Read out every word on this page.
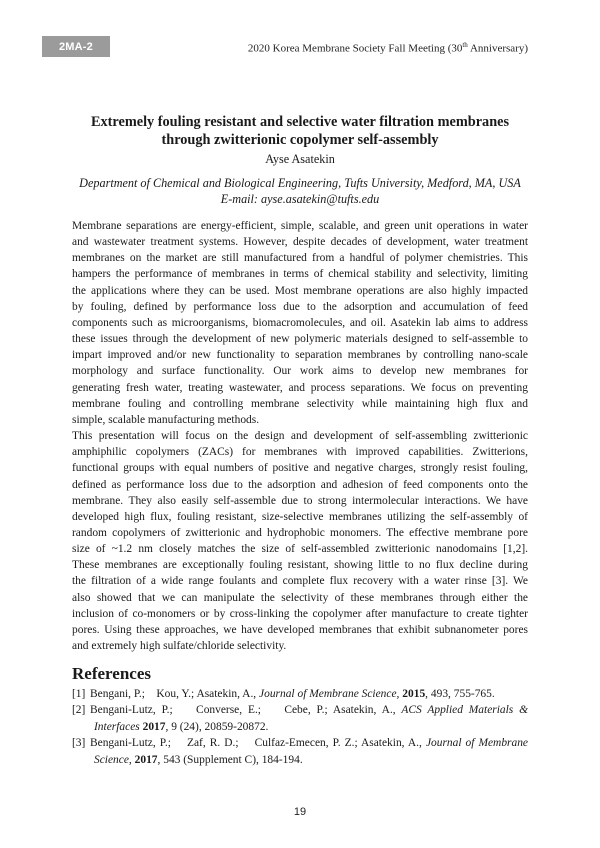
2MA-2	2020 Korea Membrane Society Fall Meeting (30th Anniversary)
Extremely fouling resistant and selective water filtration membranes
through zwitterionic copolymer self-assembly
Ayse Asatekin
Department of Chemical and Biological Engineering, Tufts University, Medford, MA, USA
E-mail: ayse.asatekin@tufts.edu

Membrane separations are energy-efficient, simple, scalable, and green unit operations in water
and wastewater treatment systems. However, despite decades of development, water treatment
membranes on the market are still manufactured from a handful of polymer chemistries. This
hampers the performance of membranes in terms of chemical stability and selectivity, limiting
the applications where they can be used. Most membrane operations are also highly impacted
by fouling, defined by performance loss due to the adsorption and accumulation of feed
components such as microorganisms, biomacromolecules, and oil. Asatekin lab aims to address
these issues through the development of new polymeric materials designed to self-assemble to
impart improved and/or new functionality to separation membranes by controlling nano-scale
morphology and surface functionality. Our work aims to develop new membranes for
generating fresh water, treating wastewater, and process separations. We focus on preventing
membrane fouling and controlling membrane selectivity while maintaining high flux and
simple, scalable manufacturing methods.

This presentation will focus on the design and development of self-assembling zwitterionic
amphiphilic copolymers (ZACs) for membranes with improved capabilities. Zwitterions,
functional groups with equal numbers of positive and negative charges, strongly resist fouling,
defined as performance loss due to the adsorption and adhesion of feed components onto the
membrane. They also easily self-assemble due to strong intermolecular interactions. We have
developed high flux, fouling resistant, size-selective membranes utilizing the self-assembly of
random copolymers of zwitterionic and hydrophobic monomers. The effective membrane pore
size of ~1.2 nm closely matches the size of self-assembled zwitterionic nanodomains [1,2].
These membranes are exceptionally fouling resistant, showing little to no flux decline during
the filtration of a wide range foulants and complete flux recovery with a water rinse [3]. We
also showed that we can manipulate the selectivity of these membranes through either the
inclusion of co-monomers or by cross-linking the copolymer after manufacture to create tighter
pores. Using these approaches, we have developed membranes that exhibit subnanometer pores
and extremely high sulfate/chloride selectivity.

References
[1] Bengani, P.;    Kou, Y.; Asatekin, A., Journal of Membrane Science, 2015, 493, 755-765.
[2] Bengani-Lutz, P.;    Converse, E.;    Cebe, P.; Asatekin, A., ACS Applied Materials &
Interfaces 2017, 9 (24), 20859-20872.
[3] Bengani-Lutz, P.;    Zaf, R. D.;    Culfaz-Emecen, P. Z.; Asatekin, A., Journal of Membrane
Science, 2017, 543 (Supplement C), 184-194.
19
